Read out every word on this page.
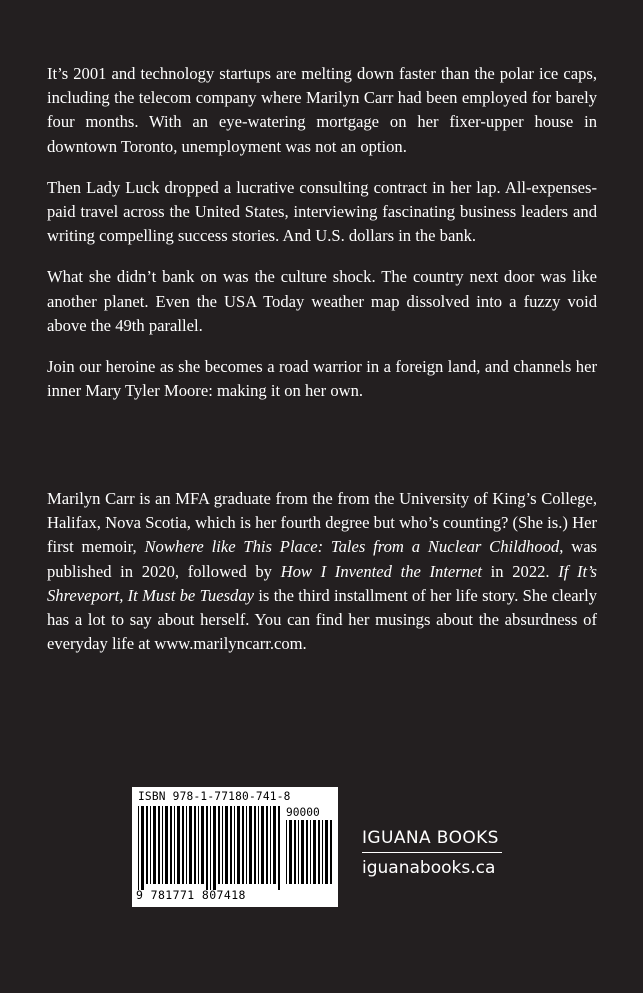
It’s 2001 and technology startups are melting down faster than the polar ice caps, including the telecom company where Marilyn Carr had been employed for barely four months. With an eye-watering mortgage on her fixer-upper house in downtown Toronto, unemployment was not an option.

Then Lady Luck dropped a lucrative consulting contract in her lap. All-expenses-paid travel across the United States, interviewing fascinating business leaders and writing compelling success stories. And U.S. dollars in the bank.

What she didn’t bank on was the culture shock. The country next door was like another planet. Even the USA Today weather map dissolved into a fuzzy void above the 49th parallel.

Join our heroine as she becomes a road warrior in a foreign land, and channels her inner Mary Tyler Moore: making it on her own.

Marilyn Carr is an MFA graduate from the from the University of King’s College, Halifax, Nova Scotia, which is her fourth degree but who’s counting? (She is.) Her first memoir, Nowhere like This Place: Tales from a Nuclear Childhood, was published in 2020, followed by How I Invented the Internet in 2022. If It’s Shreveport, It Must be Tuesday is the third installment of her life story. She clearly has a lot to say about herself. You can find her musings about the absurdness of everyday life at www.marilyncarr.com.

ISBN 978-1-77180-741-8
90000
9 781771 807418
IGUANA BOOKS
iguanabooks.ca
